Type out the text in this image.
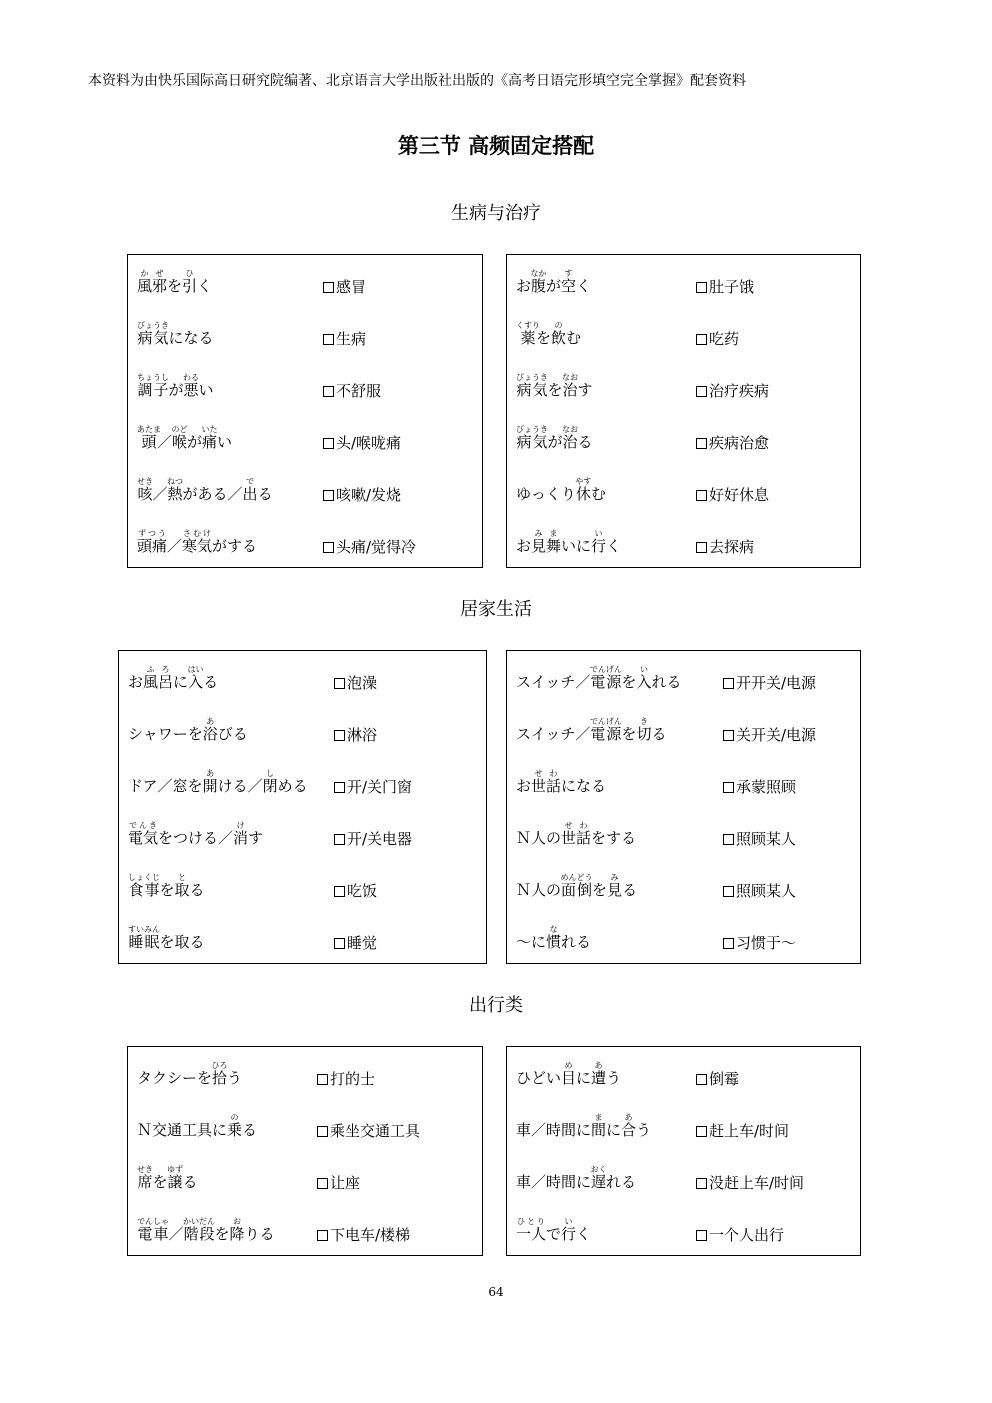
本资料为由快乐国际高日研究院编著、北京语言大学出版社出版的《高考日语完形填空完全掌握》配套资料
第三节 高频固定搭配
生病与治疗
風邪かぜを引ひく	感冒
病気びょうきになる	生病
調子ちょうしが悪わるい	不舒服
頭あたま／喉のどが痛いたい	头/喉咙痛
咳せき／熱ねつがある／出でる	咳嗽/发烧
頭痛ずつう／寒気さむけがする	头痛/觉得冷
お腹なかが空すく	肚子饿
薬くすりを飲のむ	吃药
病気びょうきを治なおす	治疗疾病
病気びょうきが治なおる	疾病治愈
ゆっくり休やすむ	好好休息
お見舞みまいに行いく	去探病
居家生活
お風呂ふろに入はいる	泡澡
シャワーを浴あびる	淋浴
ドア／窓を開あける／閉しめる	开/关门窗
電気でんきをつける／消けす	开/关电器
食事しょくじを取とる	吃饭
睡眠すいみんを取る	睡觉
スイッチ／電源でんげんを入いれる	开开关/电源
スイッチ／電源でんげんを切きる	关开关/电源
お世話せわになる	承蒙照顾
Ｎ人の世話せわをする	照顾某人
Ｎ人の面倒めんどうを見みる	照顾某人
～に慣なれる	习惯于～
出行类
タクシーを拾ひろう	打的士
Ｎ交通工具に乗のる	乘坐交通工具
席せきを譲ゆずる	让座
電車でんしゃ／階段かいだんを降おりる	下电车/楼梯
ひどい目めに遭あう	倒霉
車／時間に間まに合あう	赶上车/时间
車／時間に遅おくれる	没赶上车/时间
一人ひとりで行いく	一个人出行
64
